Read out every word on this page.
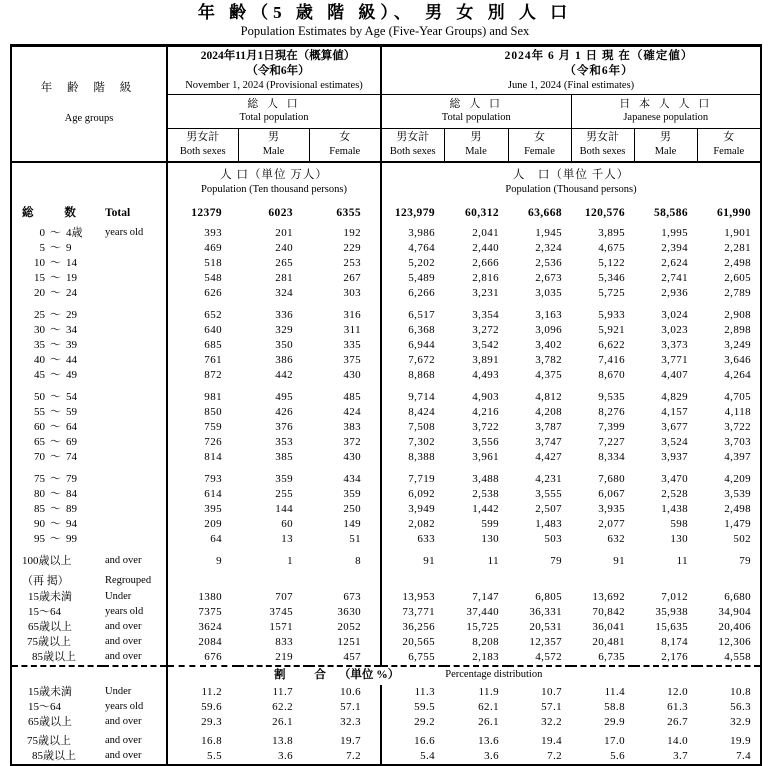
年 齢（5 歳 階 級）、 男 女 別 人 口
Population Estimates by Age (Five-Year Groups) and Sex
年 齢 階 級
Age groups

2024年11月1日現在（概算値）
（令和6年）
November 1, 2024 (Provisional estimates)

2024年 6 月 1 日 現 在（確定値）
（令和6年）
June 1, 2024 (Final estimates)

総 人 口
Total population

総 人 口
Total population

日 本 人 人 口
Japanese population

男女計
Both sexes

男
Male

女
Female

男女計
Both sexes

男
Male

女
Female

男女計
Both sexes

男
Male

女
Female

人 口（単位 万人）
Population (Ten thousand persons)

人　口（単位 千人）
Population (Thousand persons)

総 数	Total	12379	6023	6355	123,979	60,312	63,668	120,576	58,586	61,990
0 ～ 4歳	years old	393	201	192	3,986	2,041	1,945	3,895	1,995	1,901
5 ～ 9		469	240	229	4,764	2,440	2,324	4,675	2,394	2,281
10 ～ 14		518	265	253	5,202	2,666	2,536	5,122	2,624	2,498
15 ～ 19		548	281	267	5,489	2,816	2,673	5,346	2,741	2,605
20 ～ 24		626	324	303	6,266	3,231	3,035	5,725	2,936	2,789
25 ～ 29		652	336	316	6,517	3,354	3,163	5,933	3,024	2,908
30 ～ 34		640	329	311	6,368	3,272	3,096	5,921	3,023	2,898
35 ～ 39		685	350	335	6,944	3,542	3,402	6,622	3,373	3,249
40 ～ 44		761	386	375	7,672	3,891	3,782	7,416	3,771	3,646
45 ～ 49		872	442	430	8,868	4,493	4,375	8,670	4,407	4,264
50 ～ 54		981	495	485	9,714	4,903	4,812	9,535	4,829	4,705
55 ～ 59		850	426	424	8,424	4,216	4,208	8,276	4,157	4,118
60 ～ 64		759	376	383	7,508	3,722	3,787	7,399	3,677	3,722
65 ～ 69		726	353	372	7,302	3,556	3,747	7,227	3,524	3,703
70 ～ 74		814	385	430	8,388	3,961	4,427	8,334	3,937	4,397
75 ～ 79		793	359	434	7,719	3,488	4,231	7,680	3,470	4,209
80 ～ 84		614	255	359	6,092	2,538	3,555	6,067	2,528	3,539
85 ～ 89		395	144	250	3,949	1,442	2,507	3,935	1,438	2,498
90 ～ 94		209	60	149	2,082	599	1,483	2,077	598	1,479
95 ～ 99		64	13	51	633	130	503	632	130	502
100歳以上	and over	9	1	8	91	11	79	91	11	79
（再 掲）	Regrouped									
15歳未満	Under	1380	707	673	13,953	7,147	6,805	13,692	7,012	6,680
15～64	years old	7375	3745	3630	73,771	37,440	36,331	70,842	35,938	34,904
65歳以上	and over	3624	1571	2052	36,256	15,725	20,531	36,041	15,635	20,406
75歳以上	and over	2084	833	1251	20,565	8,208	12,357	20,481	8,174	12,306
85歳以上	and over	676	219	457	6,755	2,183	4,572	6,735	2,176	4,558

		割 合 （単位 %） Percentage distribution								

15歳未満	Under	11.2	11.7	10.6	11.3	11.9	10.7	11.4	12.0	10.8
15～64	years old	59.6	62.2	57.1	59.5	62.1	57.1	58.8	61.3	56.3
65歳以上	and over	29.3	26.1	32.3	29.2	26.1	32.2	29.9	26.7	32.9
75歳以上	and over	16.8	13.8	19.7	16.6	13.6	19.4	17.0	14.0	19.9
85歳以上	and over	5.5	3.6	7.2	5.4	3.6	7.2	5.6	3.7	7.4
